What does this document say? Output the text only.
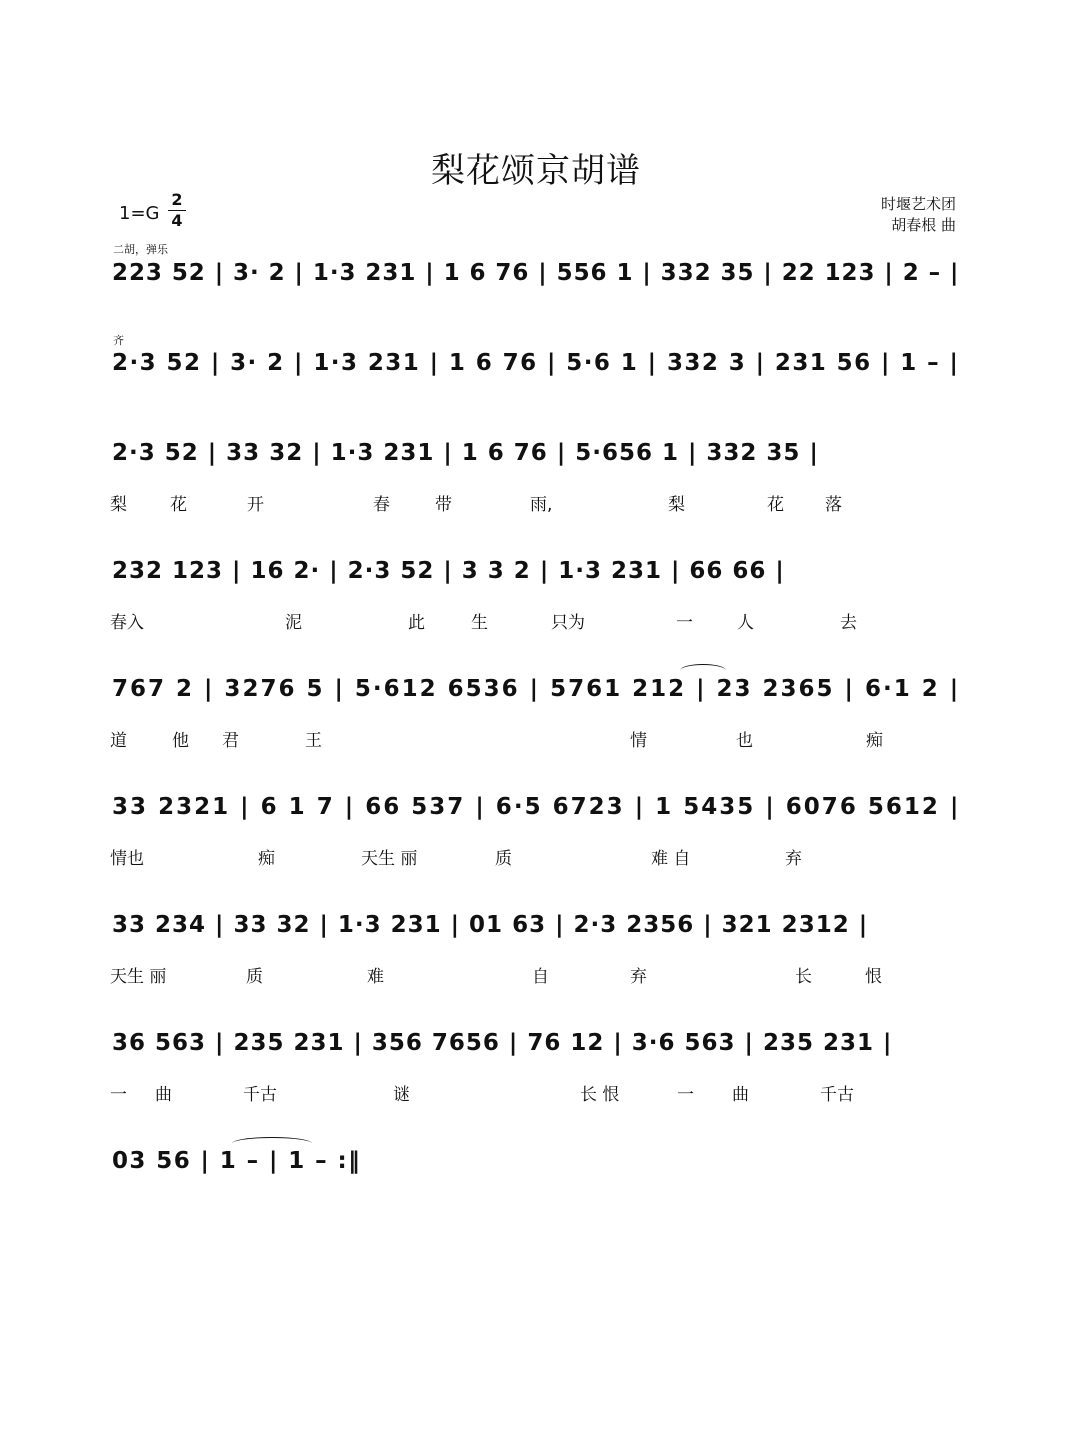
梨花颂京胡谱
1=G
2
4
时堰艺术团
胡春根 曲
二胡，弹乐
齐
223 52 | 3· 2 | 1·3 231 | 1 6 76 | 556 1 | 332 35 | 22 123 | 2 – |
2·3 52 | 3· 2 | 1·3 231 | 1 6 76 | 5·6 1 | 332 3 | 231 56 | 1 – |
2·3 52 | 33 32 | 1·3 231 | 1 6 76 | 5·656 1 | 332 35 |
梨	花	开	春	带	雨,	梨	花 落
232 123 | 16 2· | 2·3 52 | 3 3 2 | 1·3 231 | 66 66 |
春入	泥	此	生	只为	一	人	去
767 2 | 3276 5 | 5·612 6536 | 5761 212 | 23 2365 | 6·1 2 |
道	他 君	王	情	也	痴
33 2321 | 6 1 7 | 66 537 | 6·5 6723 | 1 5435 | 6076 5612 |
情也	痴	天生 丽	质	难 自	弃
33 234 | 33 32 | 1·3 231 | 01 63 | 2·3 2356 | 321 2312 |
天生 丽	质	难	自	弃	长	恨
36 563 | 235 231 | 356 7656 | 76 12 | 3·6 563 | 235 231 |
一 曲	千古	谜	长 恨	一 曲	千古
03 56 | 1 – | 1 – :‖
